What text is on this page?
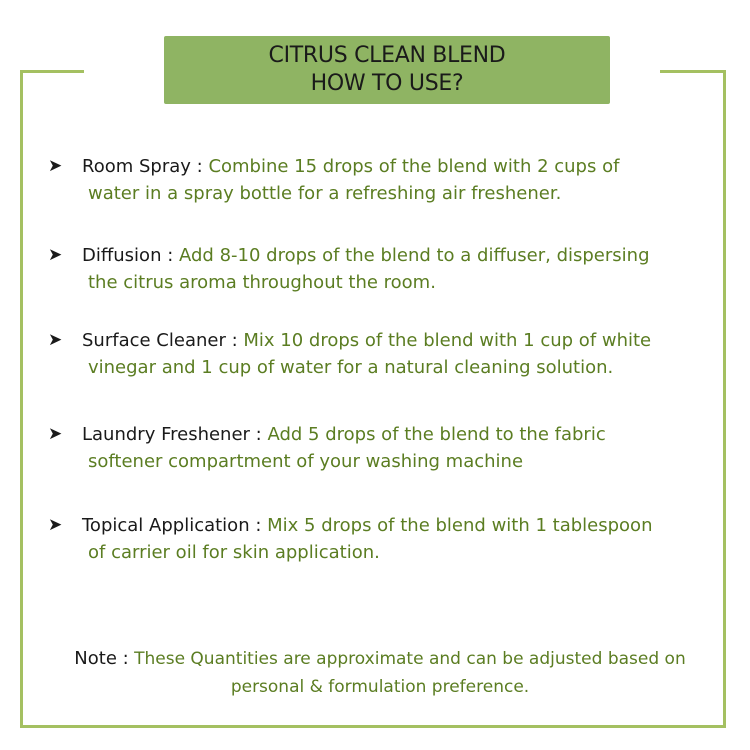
CITRUS CLEAN BLEND
HOW TO USE?
➤	Room Spray : Combine 15 drops of the blend with 2 cups of
water in a spray bottle for a refreshing air freshener.
➤	Diffusion : Add 8-10 drops of the blend to a diffuser, dispersing
the citrus aroma throughout the room.
➤	Surface Cleaner : Mix 10 drops of the blend with 1 cup of white
vinegar and 1 cup of water for a natural cleaning solution.
➤	Laundry Freshener : Add 5 drops of the blend to the fabric
softener compartment of your washing machine
➤	Topical Application : Mix 5 drops of the blend with 1 tablespoon
of carrier oil for skin application.
Note : These Quantities are approximate and can be adjusted based on
personal & formulation preference.
